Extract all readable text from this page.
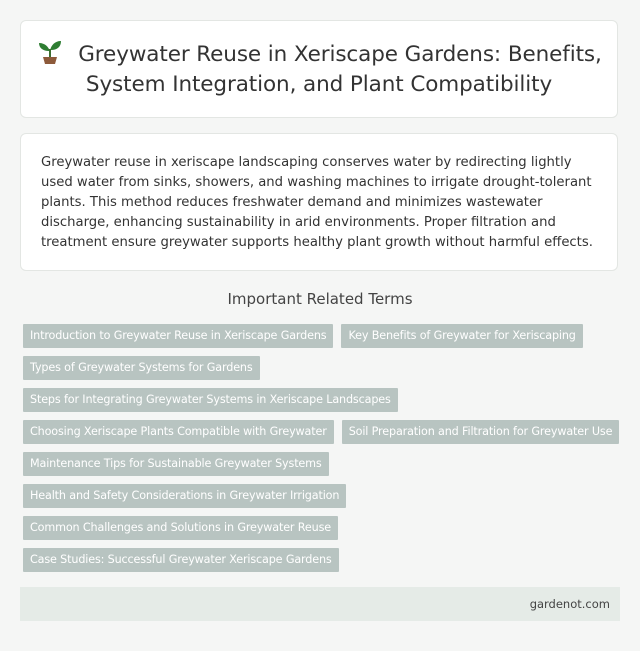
Greywater Reuse in Xeriscape Gardens: Benefits, System Integration, and Plant Compatibility

Greywater reuse in xeriscape landscaping conserves water by redirecting lightly used water from sinks, showers, and washing machines to irrigate drought-tolerant plants. This method reduces freshwater demand and minimizes wastewater discharge, enhancing sustainability in arid environments. Proper filtration and treatment ensure greywater supports healthy plant growth without harmful effects.

Important Related Terms
Introduction to Greywater Reuse in Xeriscape Gardens	Key Benefits of Greywater for Xeriscaping
Types of Greywater Systems for Gardens
Steps for Integrating Greywater Systems in Xeriscape Landscapes
Choosing Xeriscape Plants Compatible with Greywater	Soil Preparation and Filtration for Greywater Use
Maintenance Tips for Sustainable Greywater Systems
Health and Safety Considerations in Greywater Irrigation
Common Challenges and Solutions in Greywater Reuse
Case Studies: Successful Greywater Xeriscape Gardens
gardenot.com
